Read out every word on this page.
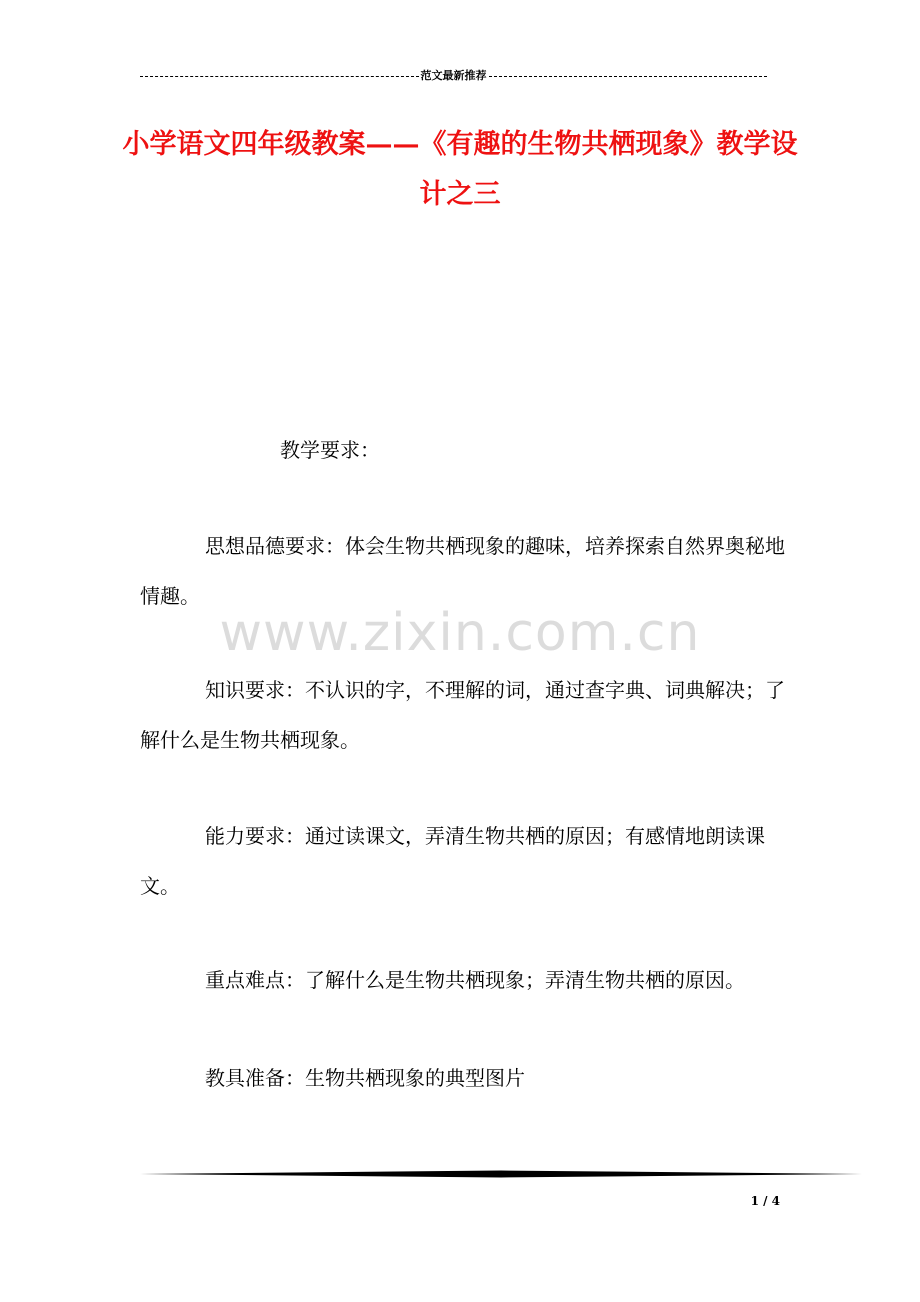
范文最新推荐
小学语文四年级教案——《有趣的生物共栖现象》教学设计之三
www.zixin.com.cn
教学要求：
思想品德要求：体会生物共栖现象的趣味，培养探索自然界奥秘地情趣。
知识要求：不认识的字，不理解的词，通过查字典、词典解决；了解什么是生物共栖现象。
能力要求：通过读课文，弄清生物共栖的原因；有感情地朗读课文。
重点难点：了解什么是生物共栖现象；弄清生物共栖的原因。
教具准备：生物共栖现象的典型图片
1 / 4
